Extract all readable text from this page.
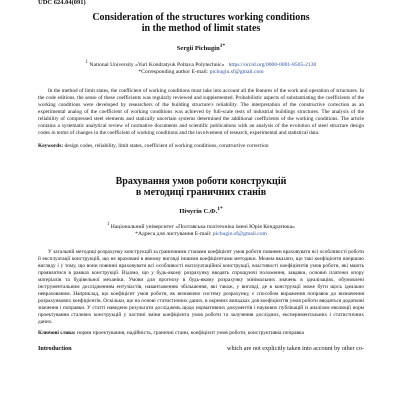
UDC 624.04(091)
Consideration of the structures working conditions
in the method of limit states
Sergii Pichugin$^{1*}$
$^1$ National University «Yuri Kondratyuk Poltava Polytechnic» https://orcid.org/0000-0001-8505-2130
*Corresponding author E-mail: pichugin.sf@gmail.com
In the method of limit states, the coefficient of working conditions must take into account all the features of the work and operation of structures. In the code editions, the sense of these coefficients was regularly reviewed and supplemented. Probabilistic aspects of substantiating the coefficients of the working conditions were developed by researchers of the building structure's reliability. The interpretation of the constructive correction as an experimental analog of the coefficient of working conditions was achieved by full-scale tests of industrial buildings structures. The analysis of the reliability of compressed steel elements and statically uncertain systems determined the additional coefficients of the working conditions. The article contains a systematic analytical review of normative documents and scientific publications with an analysis of the evolution of steel structure design codes in terms of changes in the coefficient of working conditions and the involvement of research, experimental and statistical data.
Keywords: design codes, reliability, limit states, coefficient of working conditions, constructive correction
Врахування умов роботи конструкцій
в методиці граничних станів
Пічугін С.Ф.$^{1*}$
$^1$ Національний університет «Полтавська політехніка імені Юрія Кондратюка»
*Адреса для листування E-mail: pichugin.sf@gmail.com
У загальній методиці розрахунку конструкцій за граничними станами коефіцієнт умов роботи повинен враховувати всі особливості роботи й експлуатації конструкцій, що не враховані в явному вигляді іншими коефіцієнтами методики. Можна вказати, що такі коефіцієнти впершою вигляду і у тому, що вони повинні враховувати всі особливості експлуатаційної конструкції, властивості коефіцієнтів умов роботи, які мають проявлятися в рамках конструкції. Відомо, що у будь-якому розрахунку вводять спрощуючі положення, завдяки, основні платежи опору матеріалів та будівельної механіки. Умови для прогнозу в будь-якому розрахунку мінімальних значень в ідеалізаціях, обумовлені інструментальним дослідженням ентузіастів, навантаженню збільшення, які також, у вигляді, де в конструкції може бути щось ідеально неврахованим. Наприклад, що коефіцієнт умов роботи, як визначено систему розрахунку, є способом вираження поправок до визначення розрахункових коефіцієнтів. Оскільки, що на основі статистичних даних, в окремих випадках для коефіцієнтів умов роботи вводяться додаткові значення і поправки. У статті наведено результати досліджень щодо нормативних документів і наукових публікацій із аналізом еволюції норм проектування сталевих конструкцій у частині зміни коефіцієнта умов роботи та залучення дослідних, експериментальних і статистичних даних.
Ключові слова: норми проектування, надійність, граничні стани, коефіцієнт умов роботи, конструктивна поправка
Introduction	which are not explicitly taken into account by other co-
